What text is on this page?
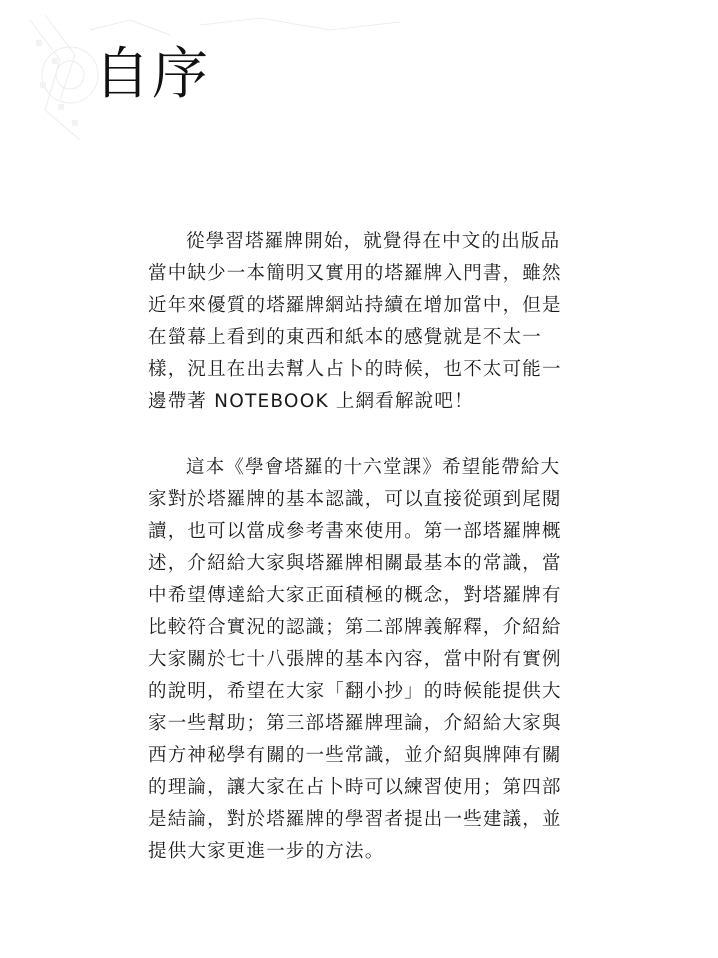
自序
從學習塔羅牌開始，就覺得在中文的出版品
當中缺少一本簡明又實用的塔羅牌入門書，雖然
近年來優質的塔羅牌網站持續在增加當中，但是
在螢幕上看到的東西和紙本的感覺就是不太一
樣，況且在出去幫人占卜的時候，也不太可能一
邊帶著 NOTEBOOK 上網看解說吧！
這本《學會塔羅的十六堂課》希望能帶給大
家對於塔羅牌的基本認識，可以直接從頭到尾閱
讀，也可以當成參考書來使用。第一部塔羅牌概
述，介紹給大家與塔羅牌相關最基本的常識，當
中希望傳達給大家正面積極的概念，對塔羅牌有
比較符合實況的認識；第二部牌義解釋，介紹給
大家關於七十八張牌的基本內容，當中附有實例
的說明，希望在大家「翻小抄」的時候能提供大
家一些幫助；第三部塔羅牌理論，介紹給大家與
西方神秘學有關的一些常識，並介紹與牌陣有關
的理論，讓大家在占卜時可以練習使用；第四部
是結論，對於塔羅牌的學習者提出一些建議，並
提供大家更進一步的方法。
